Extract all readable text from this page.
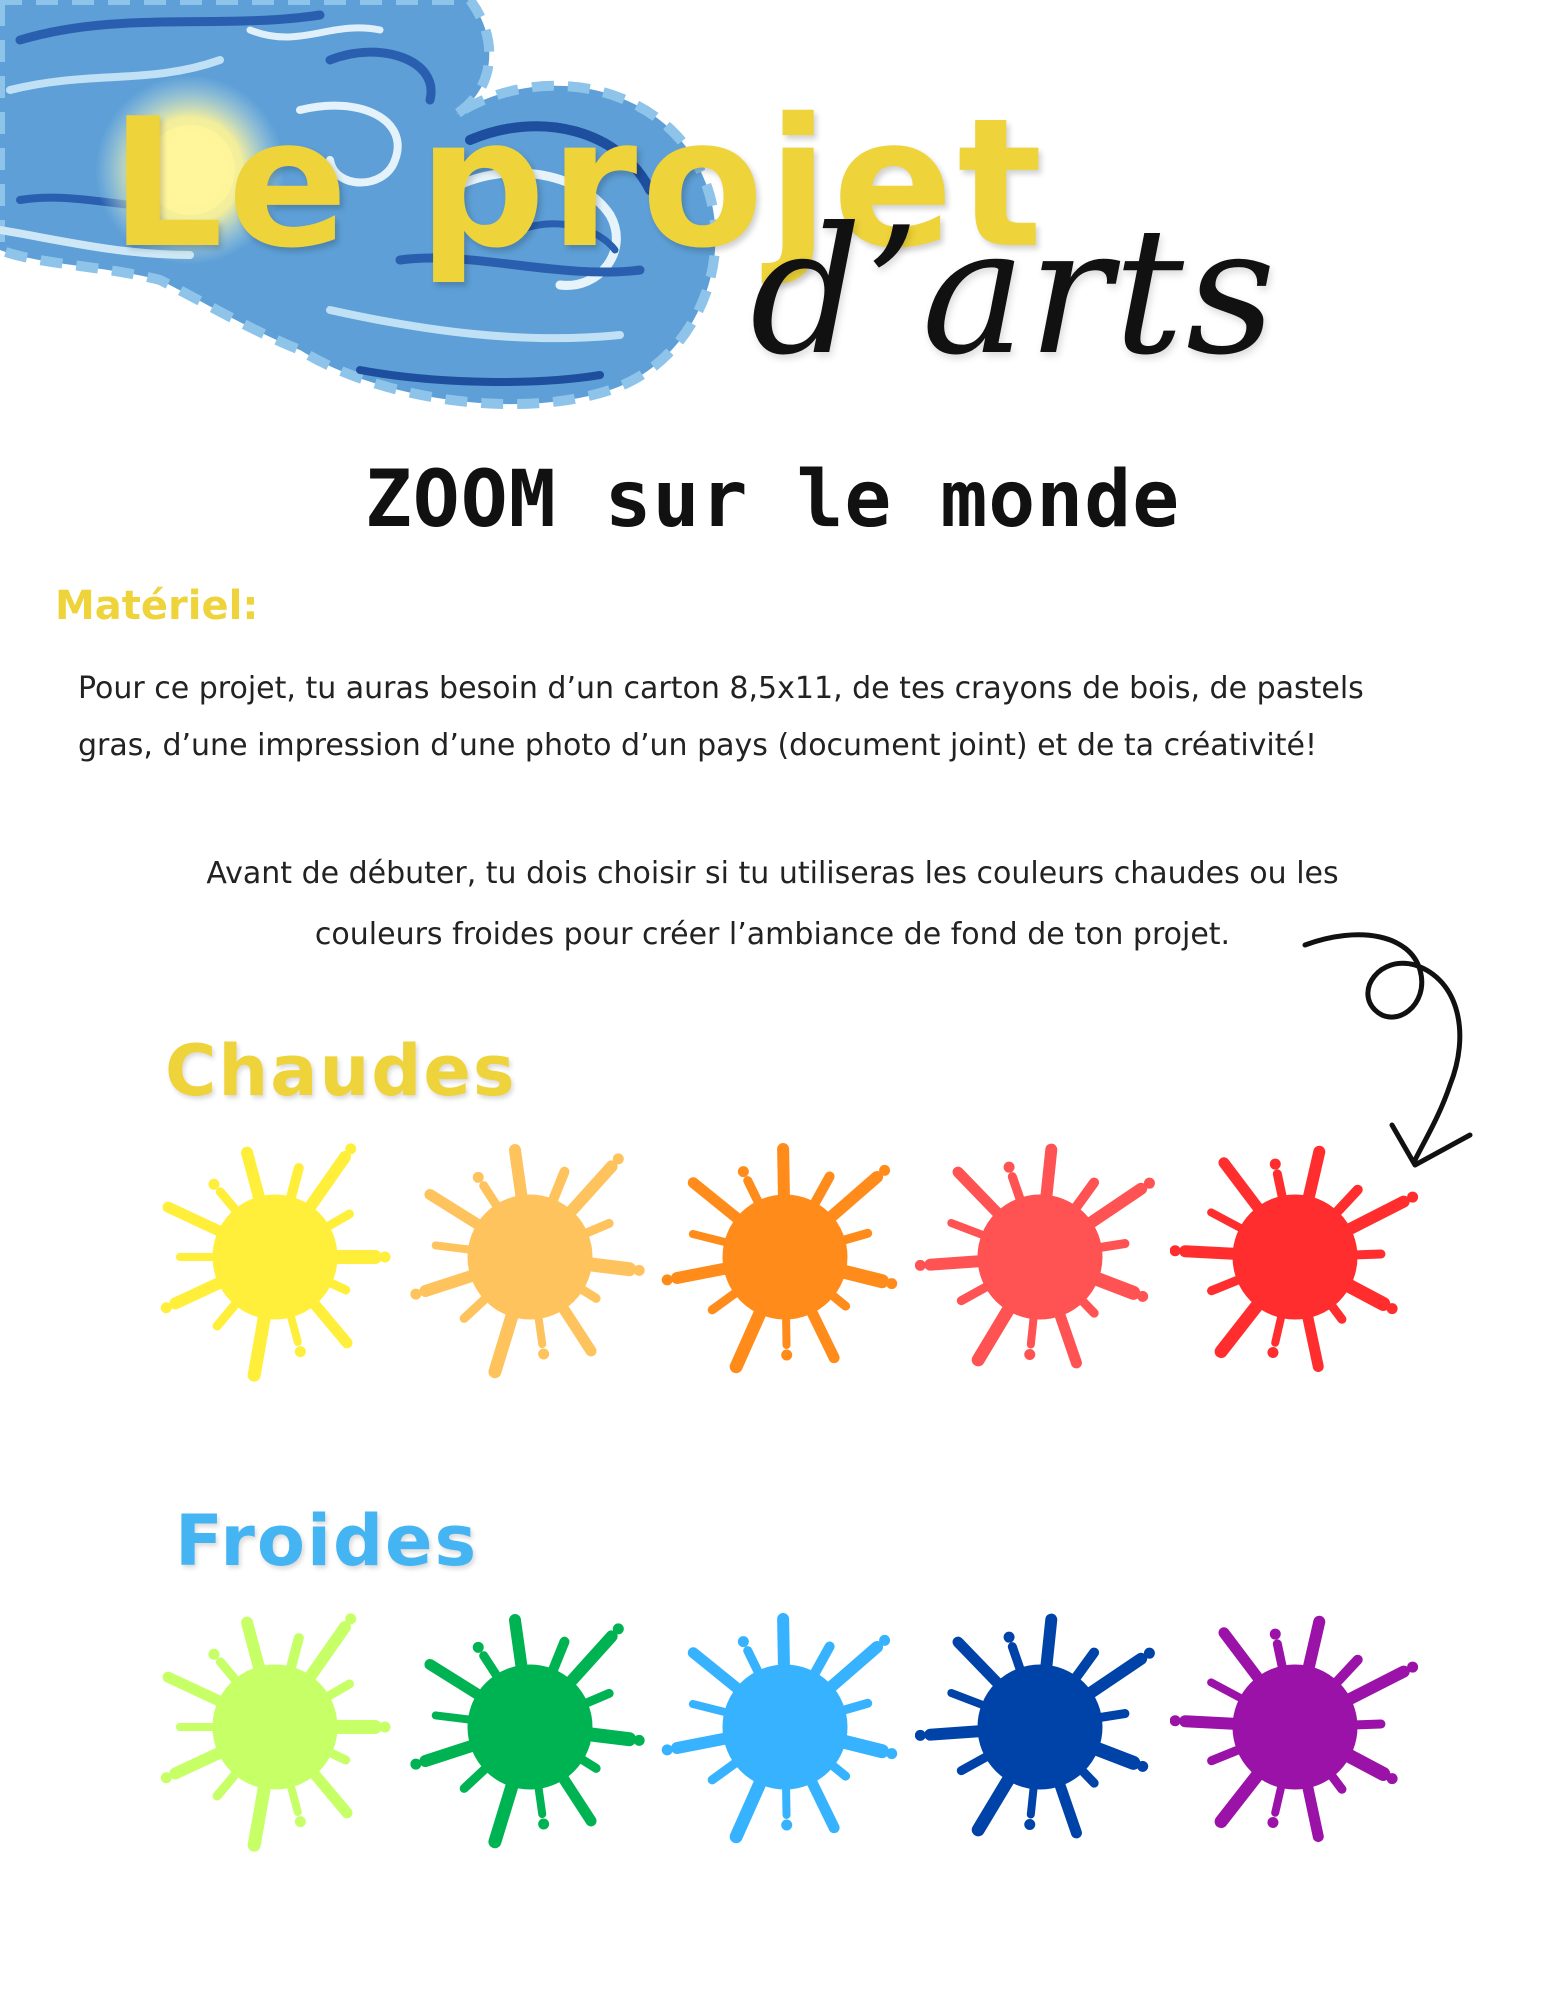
Le projet
d’arts
ZOOM sur le monde
Matériel:
Pour ce projet, tu auras besoin d’un carton 8,5x11, de tes crayons de bois, de pastels
gras, d’une impression d’une photo d’un pays (document joint) et de ta créativité!
Avant de débuter, tu dois choisir si tu utiliseras les couleurs chaudes ou les
couleurs froides pour créer l’ambiance de fond de ton projet.
Chaudes
Froides
